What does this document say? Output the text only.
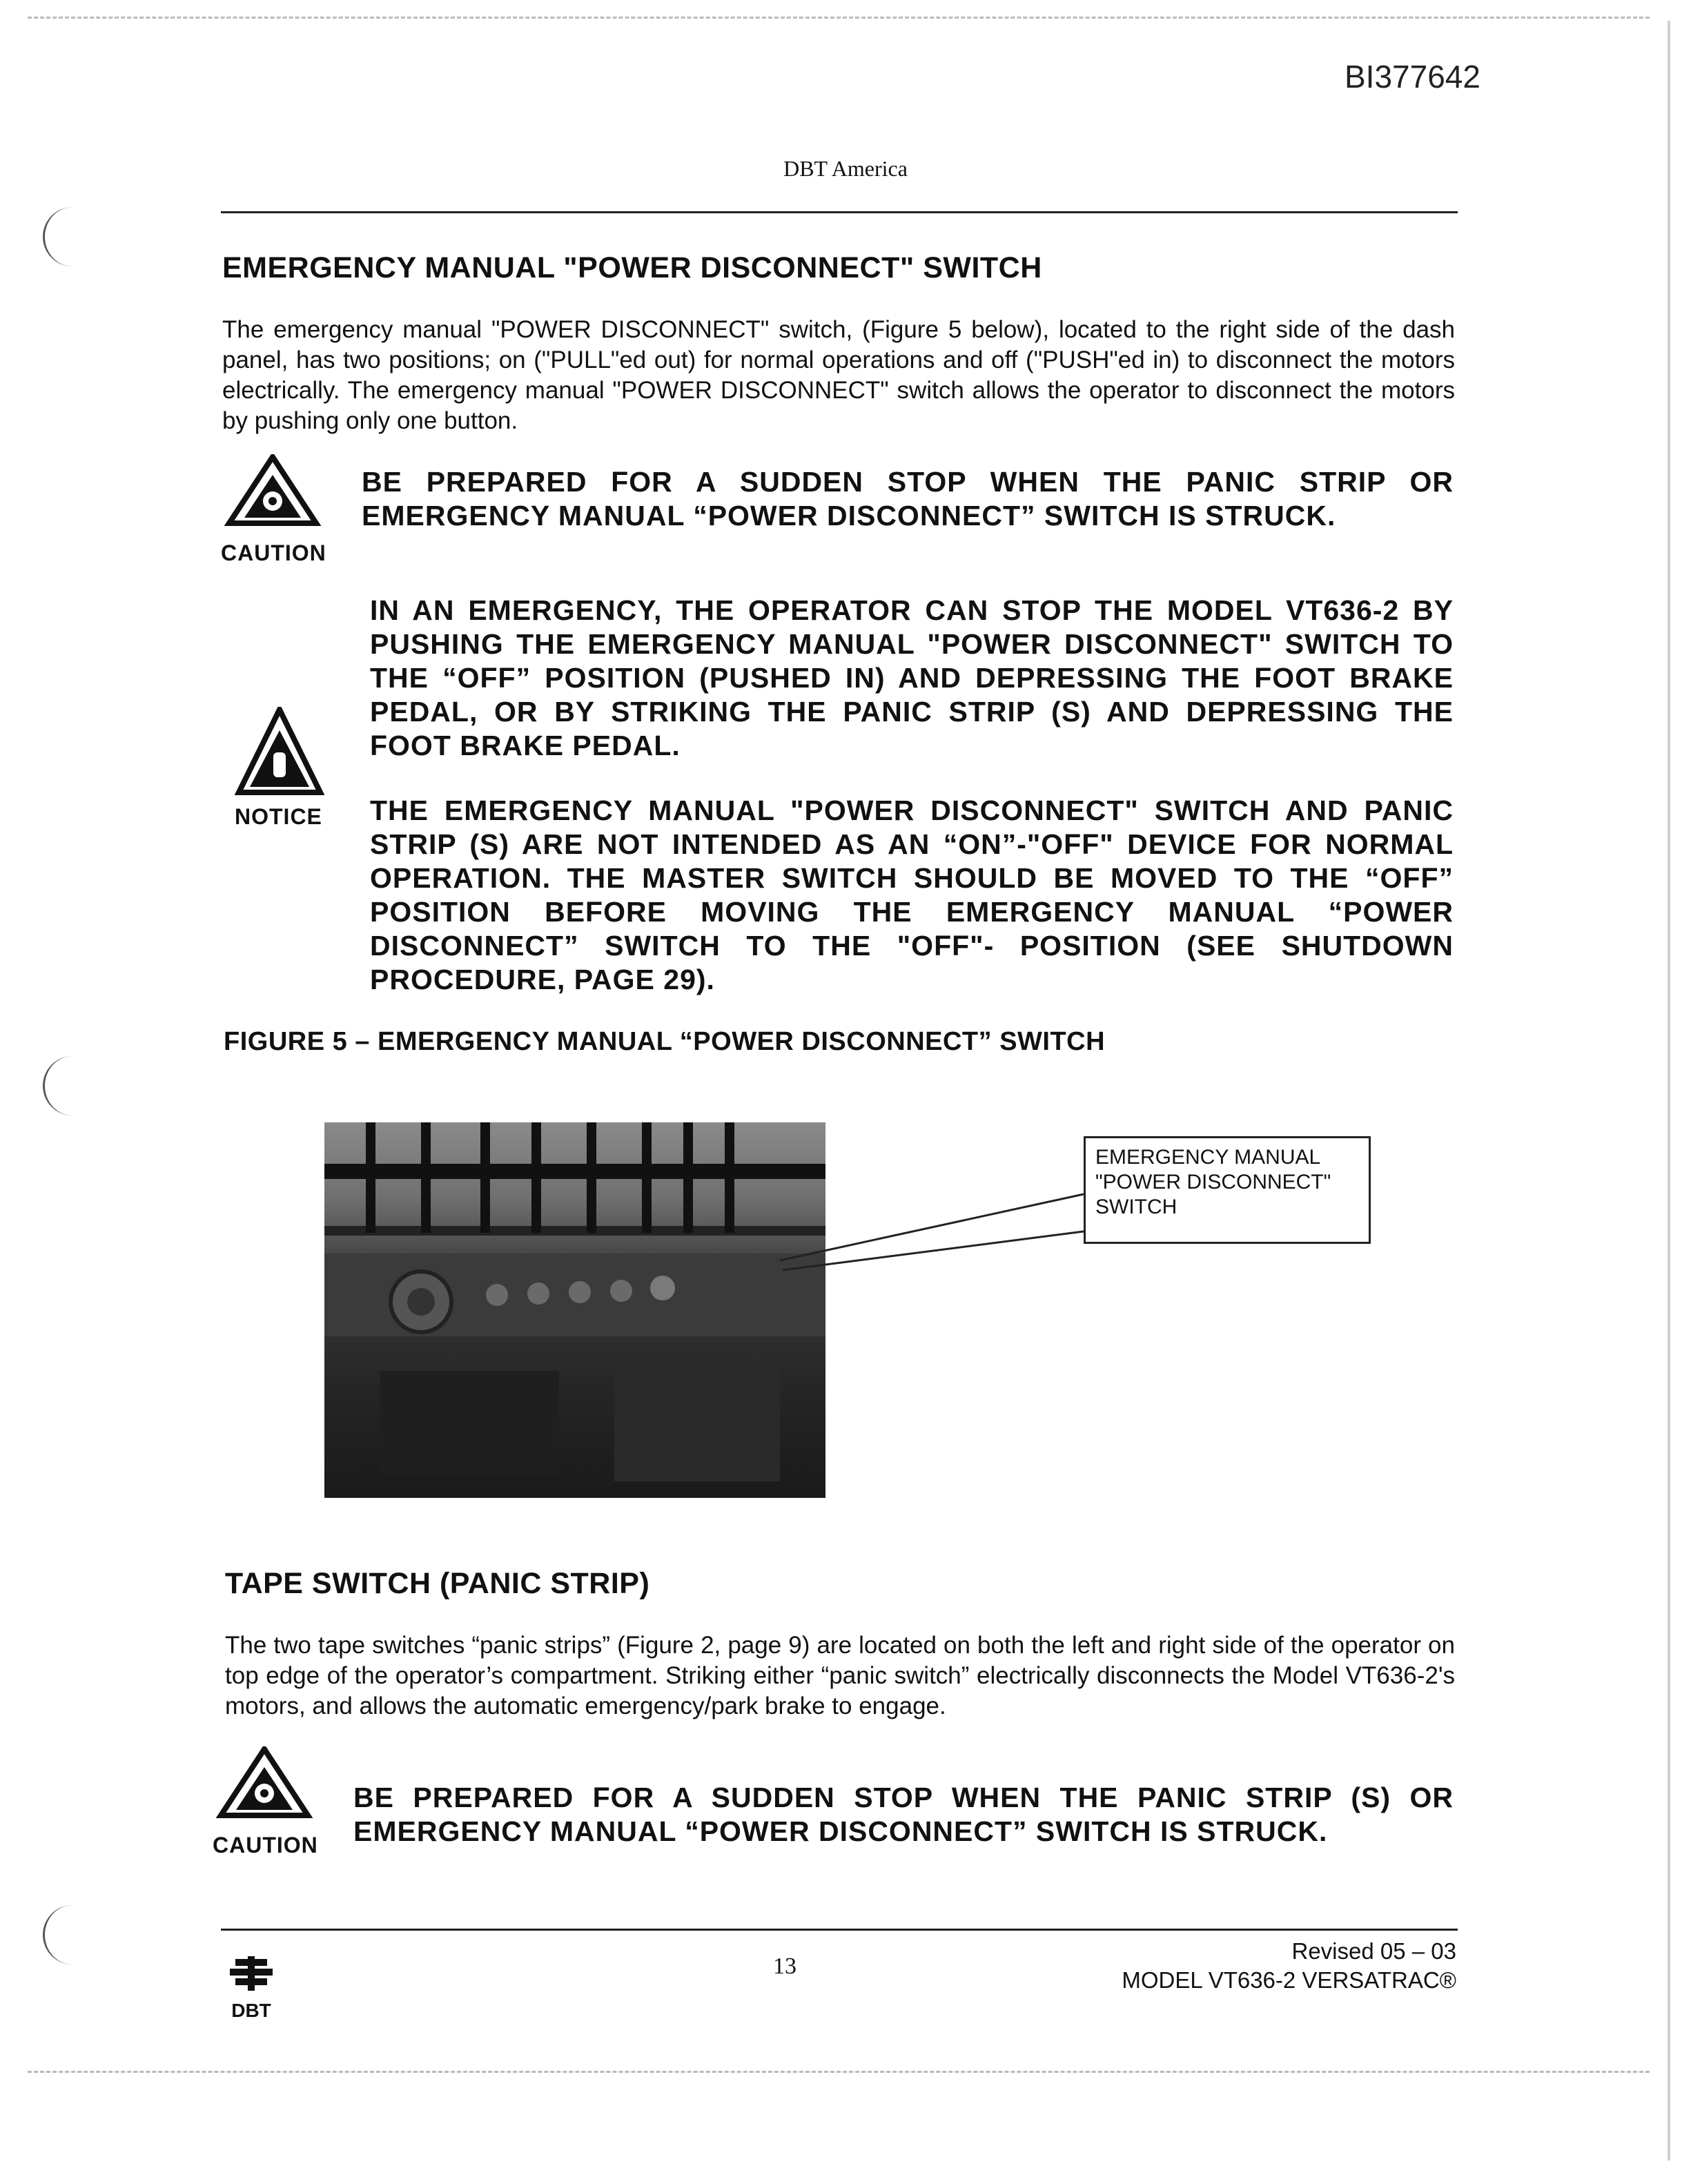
BI377642
DBT America
EMERGENCY MANUAL "POWER DISCONNECT" SWITCH
The emergency manual "POWER DISCONNECT" switch, (Figure 5 below), located to the right side of the dash panel, has two positions; on ("PULL"ed out) for normal operations and off ("PUSH"ed in) to disconnect the motors electrically. The emergency manual "POWER DISCONNECT" switch allows the operator to disconnect the motors by pushing only one button.
CAUTION
BE PREPARED FOR A SUDDEN STOP WHEN THE PANIC STRIP OR EMERGENCY MANUAL “POWER DISCONNECT” SWITCH IS STRUCK.
IN AN EMERGENCY, THE OPERATOR CAN STOP THE MODEL VT636-2 BY PUSHING THE EMERGENCY MANUAL "POWER DISCONNECT" SWITCH TO THE “OFF” POSITION (PUSHED IN) AND DEPRESSING THE FOOT BRAKE PEDAL, OR BY STRIKING THE PANIC STRIP (S) AND DEPRESSING THE FOOT BRAKE PEDAL.
NOTICE	THE EMERGENCY MANUAL "POWER DISCONNECT" SWITCH AND PANIC STRIP (S) ARE NOT INTENDED AS AN “ON”-"OFF" DEVICE FOR NORMAL OPERATION. THE MASTER SWITCH SHOULD BE MOVED TO THE “OFF” POSITION BEFORE MOVING THE EMERGENCY MANUAL “POWER DISCONNECT” SWITCH TO THE "OFF"- POSITION (SEE SHUTDOWN PROCEDURE, PAGE 29).
FIGURE 5 – EMERGENCY MANUAL “POWER DISCONNECT” SWITCH
EMERGENCY MANUAL
"POWER DISCONNECT"
SWITCH
TAPE SWITCH (PANIC STRIP)
The two tape switches “panic strips” (Figure 2, page 9) are located on both the left and right side of the operator on top edge of the operator’s compartment. Striking either “panic switch” electrically disconnects the Model VT636-2's motors, and allows the automatic emergency/park brake to engage.
CAUTION
BE PREPARED FOR A SUDDEN STOP WHEN THE PANIC STRIP (S) OR EMERGENCY MANUAL “POWER DISCONNECT” SWITCH IS STRUCK.
13
Revised 05 – 03
MODEL VT636-2 VERSATRAC®
DBT
